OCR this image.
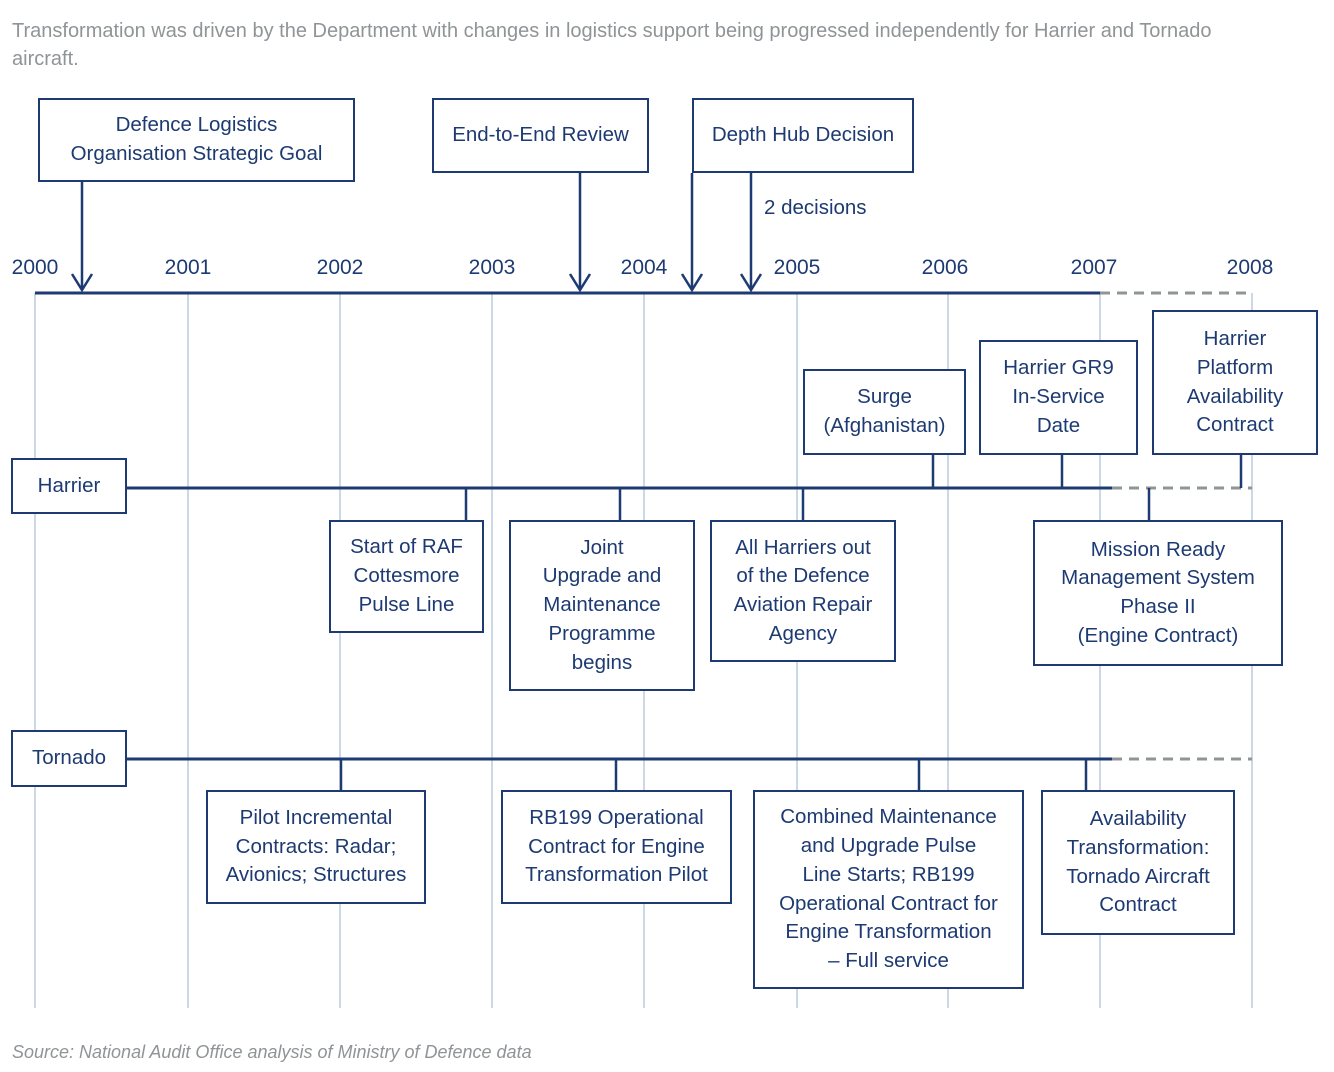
Transformation was driven by the Department with changes in logistics support being progressed independently for Harrier and Tornado aircraft.

2000	2001	2002	2003	2004	2005	2006	2007	2008
Defence Logistics
Organisation Strategic Goal
End-to-End Review	Depth Hub Decision
2 decisions
Harrier
Surge
(Afghanistan)
Harrier GR9
In-Service
Date
Harrier
Platform
Availability
Contract
Start of RAF
Cottesmore
Pulse Line
Joint
Upgrade and
Maintenance
Programme
begins
All Harriers out
of the Defence
Aviation Repair
Agency
Mission Ready
Management System
Phase II
(Engine Contract)
Tornado
Pilot Incremental
Contracts: Radar;
Avionics; Structures
RB199 Operational
Contract for Engine
Transformation Pilot
Combined Maintenance
and Upgrade Pulse
Line Starts; RB199
Operational Contract for
Engine Transformation
– Full service
Availability
Transformation:
Tornado Aircraft
Contract
Source: National Audit Office analysis of Ministry of Defence data
